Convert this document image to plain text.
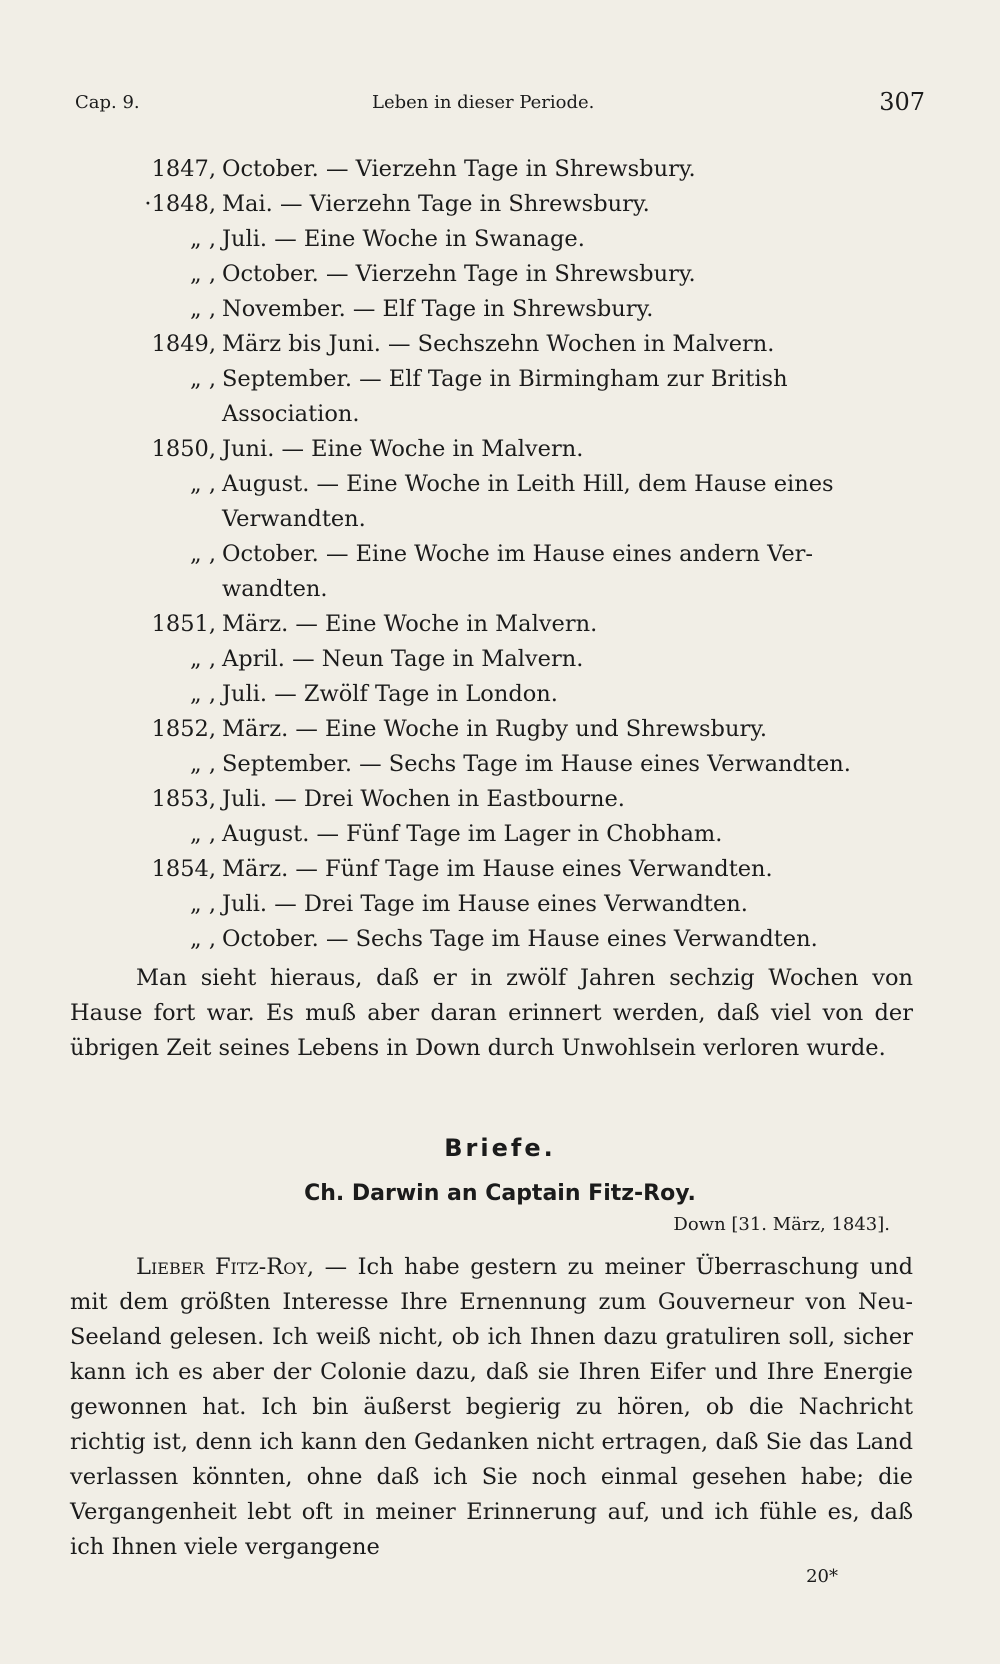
Cap. 9.	Leben in dieser Periode.	307
1847, October. — Vierzehn Tage in Shrewsbury.
·1848, Mai. — Vierzehn Tage in Shrewsbury.
„ , Juli. — Eine Woche in Swanage.
„ , October. — Vierzehn Tage in Shrewsbury.
„ , November. — Elf Tage in Shrewsbury.
1849, März bis Juni. — Sechszehn Wochen in Malvern.
„ , September. — Elf Tage in Birmingham zur British
Association.
1850, Juni. — Eine Woche in Malvern.
„ , August. — Eine Woche in Leith Hill, dem Hause eines
Verwandten.
„ , October. — Eine Woche im Hause eines andern Ver-
wandten.
1851, März. — Eine Woche in Malvern.
„ , April. — Neun Tage in Malvern.
„ , Juli. — Zwölf Tage in London.
1852, März. — Eine Woche in Rugby und Shrewsbury.
„ , September. — Sechs Tage im Hause eines Verwandten.
1853, Juli. — Drei Wochen in Eastbourne.
„ , August. — Fünf Tage im Lager in Chobham.
1854, März. — Fünf Tage im Hause eines Verwandten.
„ , Juli. — Drei Tage im Hause eines Verwandten.
„ , October. — Sechs Tage im Hause eines Verwandten.

Man sieht hieraus, daß er in zwölf Jahren sechzig Wochen von Hause fort war. Es muß aber daran erinnert werden, daß viel von der übrigen Zeit seines Lebens in Down durch Unwohlsein verloren wurde.

Briefe.
Ch. Darwin an Captain Fitz-Roy.
Down [31. März, 1843].

Lieber Fitz-Roy, — Ich habe gestern zu meiner Überraschung und mit dem größten Interesse Ihre Ernennung zum Gouverneur von Neu-Seeland gelesen. Ich weiß nicht, ob ich Ihnen dazu gratuliren soll, sicher kann ich es aber der Colonie dazu, daß sie Ihren Eifer und Ihre Energie gewonnen hat. Ich bin äußerst begierig zu hören, ob die Nachricht richtig ist, denn ich kann den Gedanken nicht ertragen, daß Sie das Land verlassen könnten, ohne daß ich Sie noch einmal gesehen habe; die Vergangenheit lebt oft in meiner Erinnerung auf, und ich fühle es, daß ich Ihnen viele vergangene

20*
